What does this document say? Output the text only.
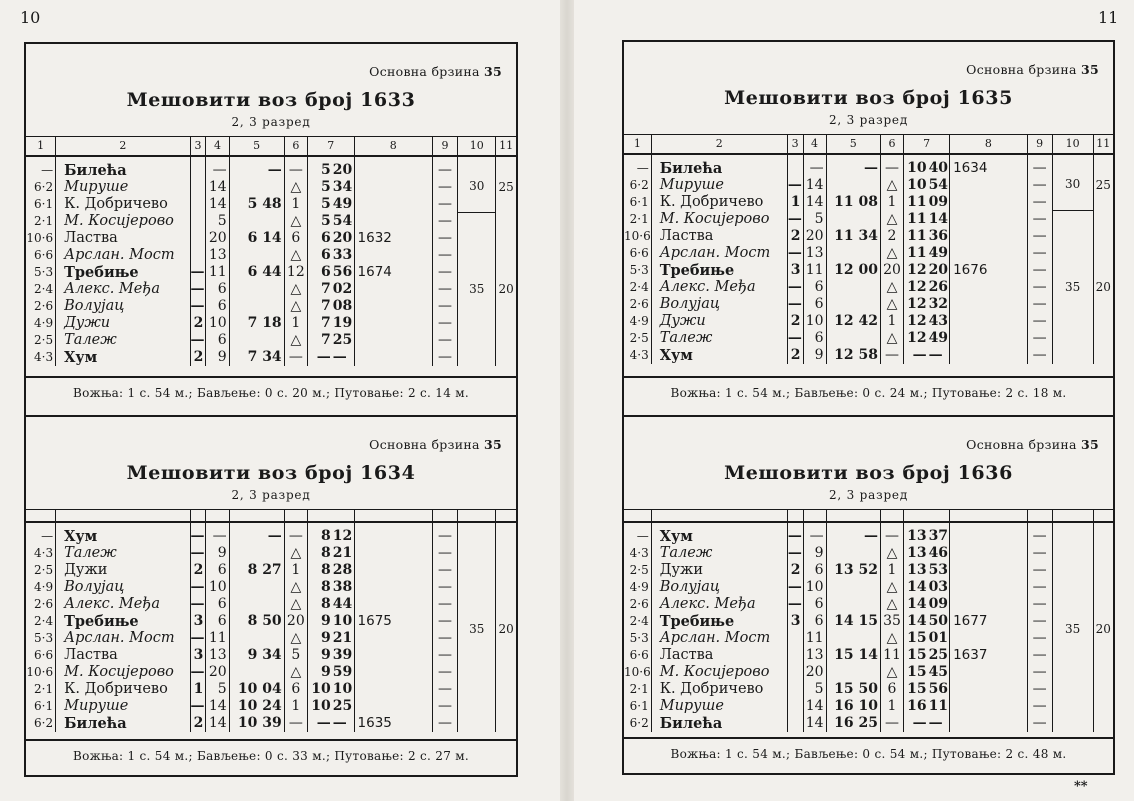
10	11
**
Основна брзина 35
Мешовити воз број 1633
2, 3 разред
1	2	3	4	5	6	7	8	9	10	11

—	Билећа		—	—	—	5 20		—	30	25
6·2	Мируше		14		△	5 34		—		
6·1	К. Добричево		14	5 48	1	5 49		—		
2·1	М. Косијерово		5		△	5 54		—	35	20
10·6	Ластва		20	6 14	6	6 20	1632	—		
6·6	Арслан. Мост		13		△	6 33		—		
5·3	Требиње	—	11	6 44	12	6 56	1674	—		
2·4	Алекс. Међа	—	6		△	7 02		—		
2·6	Волујац	—	6		△	7 08		—		
4·9	Дужи	2	10	7 18	1	7 19		—		
2·5	Талеж	—	6		△	7 25		—		
4·3	Хум	2	9	7 34	—	— —		—		
Вожња: 1 с. 54 м.; Бављење: 0 с. 20 м.; Путовање: 2 с. 14 м.
Основна брзина 35
Мешовити воз број 1634
2, 3 разред

—	Хум	—	—	—	—	8 12		—	35	20
4·3	Талеж	—	9		△	8 21		—		
2·5	Дужи	2	6	8 27	1	8 28		—		
4·9	Волујац	—	10		△	8 38		—		
2·6	Алекс. Међа	—	6		△	8 44		—		
2·4	Требиње	3	6	8 50	20	9 10	1675	—		
5·3	Арслан. Мост	—	11		△	9 21		—		
6·6	Ластва	3	13	9 34	5	9 39		—		
10·6	М. Косијерово	—	20		△	9 59		—		
2·1	К. Добричево	1	5	10 04	6	10 10		—		
6·1	Мируше	—	14	10 24	1	10 25		—		
6·2	Билећа	2	14	10 39	—	— —	1635	—		
Вожња: 1 с. 54 м.; Бављење: 0 с. 33 м.; Путовање: 2 с. 27 м.
Основна брзина 35
Мешовити воз број 1635
2, 3 разред
1	2	3	4	5	6	7	8	9	10	11

—	Билећа		—	—	—	10 40	1634	—	30	25
6·2	Мируше	—	14		△	10 54		—		
6·1	К. Добричево	1	14	11 08	1	11 09		—		
2·1	М. Косијерово	—	5		△	11 14		—	35	20
10·6	Ластва	2	20	11 34	2	11 36		—		
6·6	Арслан. Мост	—	13		△	11 49		—		
5·3	Требиње	3	11	12 00	20	12 20	1676	—		
2·4	Алекс. Међа	—	6		△	12 26		—		
2·6	Волујац	—	6		△	12 32		—		
4·9	Дужи	2	10	12 42	1	12 43		—		
2·5	Талеж	—	6		△	12 49		—		
4·3	Хум	2	9	12 58	—	— —		—		
Вожња: 1 с. 54 м.; Бављење: 0 с. 24 м.; Путовање: 2 с. 18 м.
Основна брзина 35
Мешовити воз број 1636
2, 3 разред

—	Хум	—	—	—	—	13 37		—	35	20
4·3	Талеж	—	9		△	13 46		—		
2·5	Дужи	2	6	13 52	1	13 53		—		
4·9	Волујац	—	10		△	14 03		—		
2·6	Алекс. Међа	—	6		△	14 09		—		
2·4	Требиње	3	6	14 15	35	14 50	1677	—		
5·3	Арслан. Мост		11		△	15 01		—		
6·6	Ластва		13	15 14	11	15 25	1637	—		
10·6	М. Косијерово		20		△	15 45		—		
2·1	К. Добричево		5	15 50	6	15 56		—		
6·1	Мируше		14	16 10	1	16 11		—		
6·2	Билећа		14	16 25	—	— —		—		
Вожња: 1 с. 54 м.; Бављење: 0 с. 54 м.; Путовање: 2 с. 48 м.
